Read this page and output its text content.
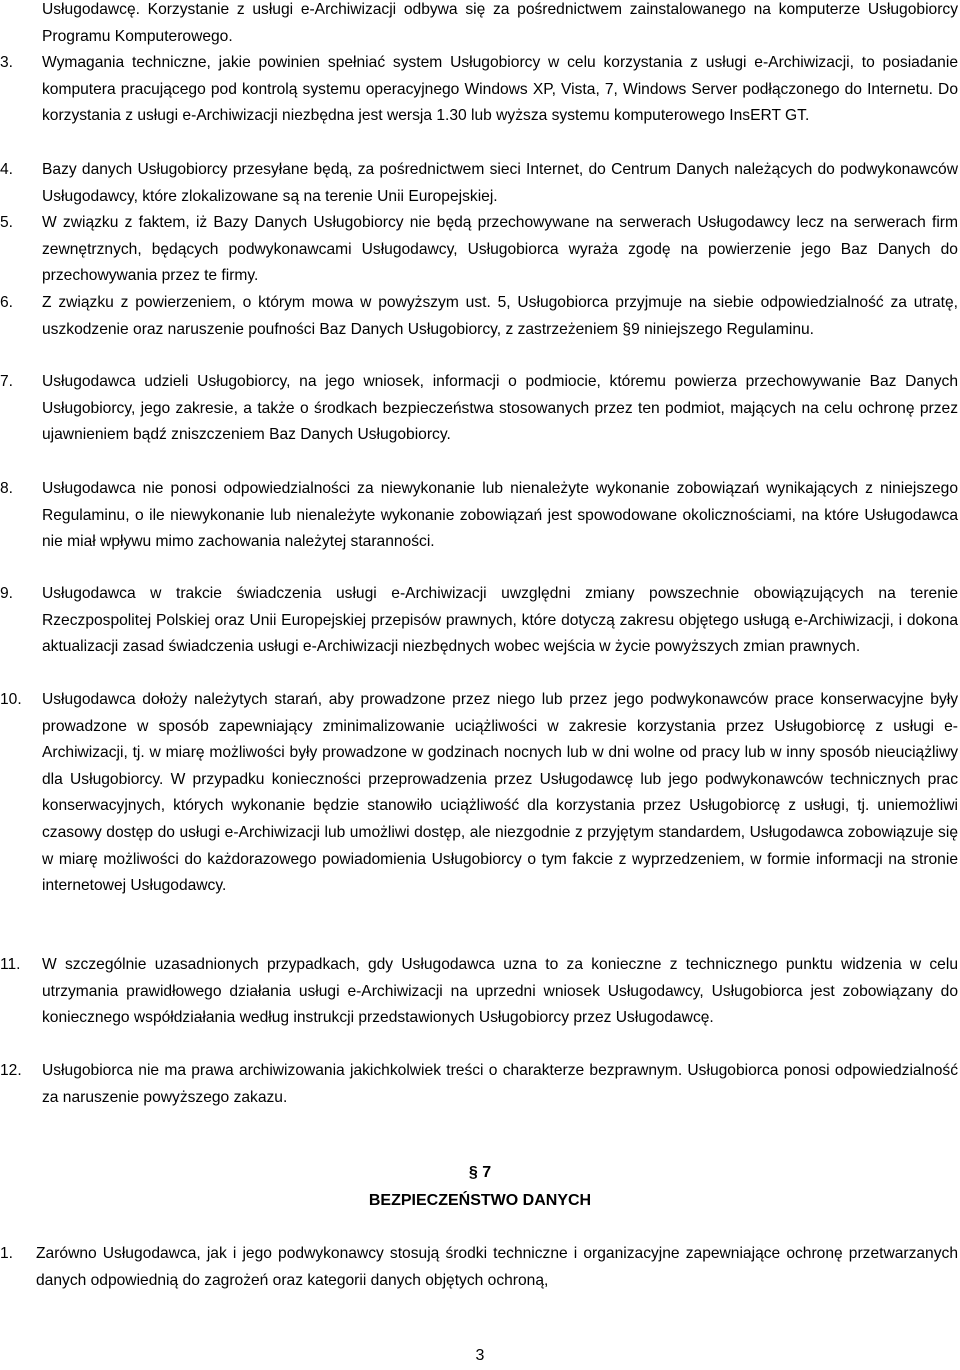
Usługodawcę. Korzystanie z usługi e-Archiwizacji odbywa się za pośrednictwem zainstalowanego na komputerze Usługobiorcy Programu Komputerowego.

3. Wymagania techniczne, jakie powinien spełniać system Usługobiorcy w celu korzystania z usługi e-Archiwizacji, to posiadanie komputera pracującego pod kontrolą systemu operacyjnego Windows XP, Vista, 7, Windows Server podłączonego do Internetu. Do korzystania z usługi e-Archiwizacji niezbędna jest wersja 1.30 lub wyższa systemu komputerowego InsERT GT.

4. Bazy danych Usługobiorcy przesyłane będą, za pośrednictwem sieci Internet, do Centrum Danych należących do podwykonawców Usługodawcy, które zlokalizowane są na terenie Unii Europejskiej.

5. W związku z faktem, iż Bazy Danych Usługobiorcy nie będą przechowywane na serwerach Usługodawcy lecz na serwerach firm zewnętrznych, będących podwykonawcami Usługodawcy, Usługobiorca wyraża zgodę na powierzenie jego Baz Danych do przechowywania przez te firmy.

6. Z związku z powierzeniem, o którym mowa w powyższym ust. 5, Usługobiorca przyjmuje na siebie odpowiedzialność za utratę, uszkodzenie oraz naruszenie poufności Baz Danych Usługobiorcy, z zastrzeżeniem §9 niniejszego Regulaminu.

7. Usługodawca udzieli Usługobiorcy, na jego wniosek, informacji o podmiocie, któremu powierza przechowywanie Baz Danych Usługobiorcy, jego zakresie, a także o środkach bezpieczeństwa stosowanych przez ten podmiot, mających na celu ochronę przez ujawnieniem bądź zniszczeniem Baz Danych Usługobiorcy.

8. Usługodawca nie ponosi odpowiedzialności za niewykonanie lub nienależyte wykonanie zobowiązań wynikających z niniejszego Regulaminu, o ile niewykonanie lub nienależyte wykonanie zobowiązań jest spowodowane okolicznościami, na które Usługodawca nie miał wpływu mimo zachowania należytej staranności.

9. Usługodawca w trakcie świadczenia usługi e-Archiwizacji uwzględni zmiany powszechnie obowiązujących na terenie Rzeczpospolitej Polskiej oraz Unii Europejskiej przepisów prawnych, które dotyczą zakresu objętego usługą e-Archiwizacji, i dokona aktualizacji zasad świadczenia usługi e-Archiwizacji niezbędnych wobec wejścia w życie powyższych zmian prawnych.

10. Usługodawca dołoży należytych starań, aby prowadzone przez niego lub przez jego podwykonawców prace konserwacyjne były prowadzone w sposób zapewniający zminimalizowanie uciążliwości w zakresie korzystania przez Usługobiorcę z usługi e-Archiwizacji, tj. w miarę możliwości były prowadzone w godzinach nocnych lub w dni wolne od pracy lub w inny sposób nieuciążliwy dla Usługobiorcy. W przypadku konieczności przeprowadzenia przez Usługodawcę lub jego podwykonawców technicznych prac konserwacyjnych, których wykonanie będzie stanowiło uciążliwość dla korzystania przez Usługobiorcę z usługi, tj. uniemożliwi czasowy dostęp do usługi e-Archiwizacji lub umożliwi dostęp, ale niezgodnie z przyjętym standardem, Usługodawca zobowiązuje się w miarę możliwości do każdorazowego powiadomienia Usługobiorcy o tym fakcie z wyprzedzeniem, w formie informacji na stronie internetowej Usługodawcy.

11. W szczególnie uzasadnionych przypadkach, gdy Usługodawca uzna to za konieczne z technicznego punktu widzenia w celu utrzymania prawidłowego działania usługi e-Archiwizacji na uprzedni wniosek Usługodawcy, Usługobiorca jest zobowiązany do koniecznego współdziałania według instrukcji przedstawionych Usługobiorcy przez Usługodawcę.

12. Usługobiorca nie ma prawa archiwizowania jakichkolwiek treści o charakterze bezprawnym. Usługobiorca ponosi odpowiedzialność za naruszenie powyższego zakazu.

§ 7
BEZPIECZEŃSTWO DANYCH
1. Zarówno Usługodawca, jak i jego podwykonawcy stosują środki techniczne i organizacyjne zapewniające ochronę przetwarzanych danych odpowiednią do zagrożeń oraz kategorii danych objętych ochroną,

3
